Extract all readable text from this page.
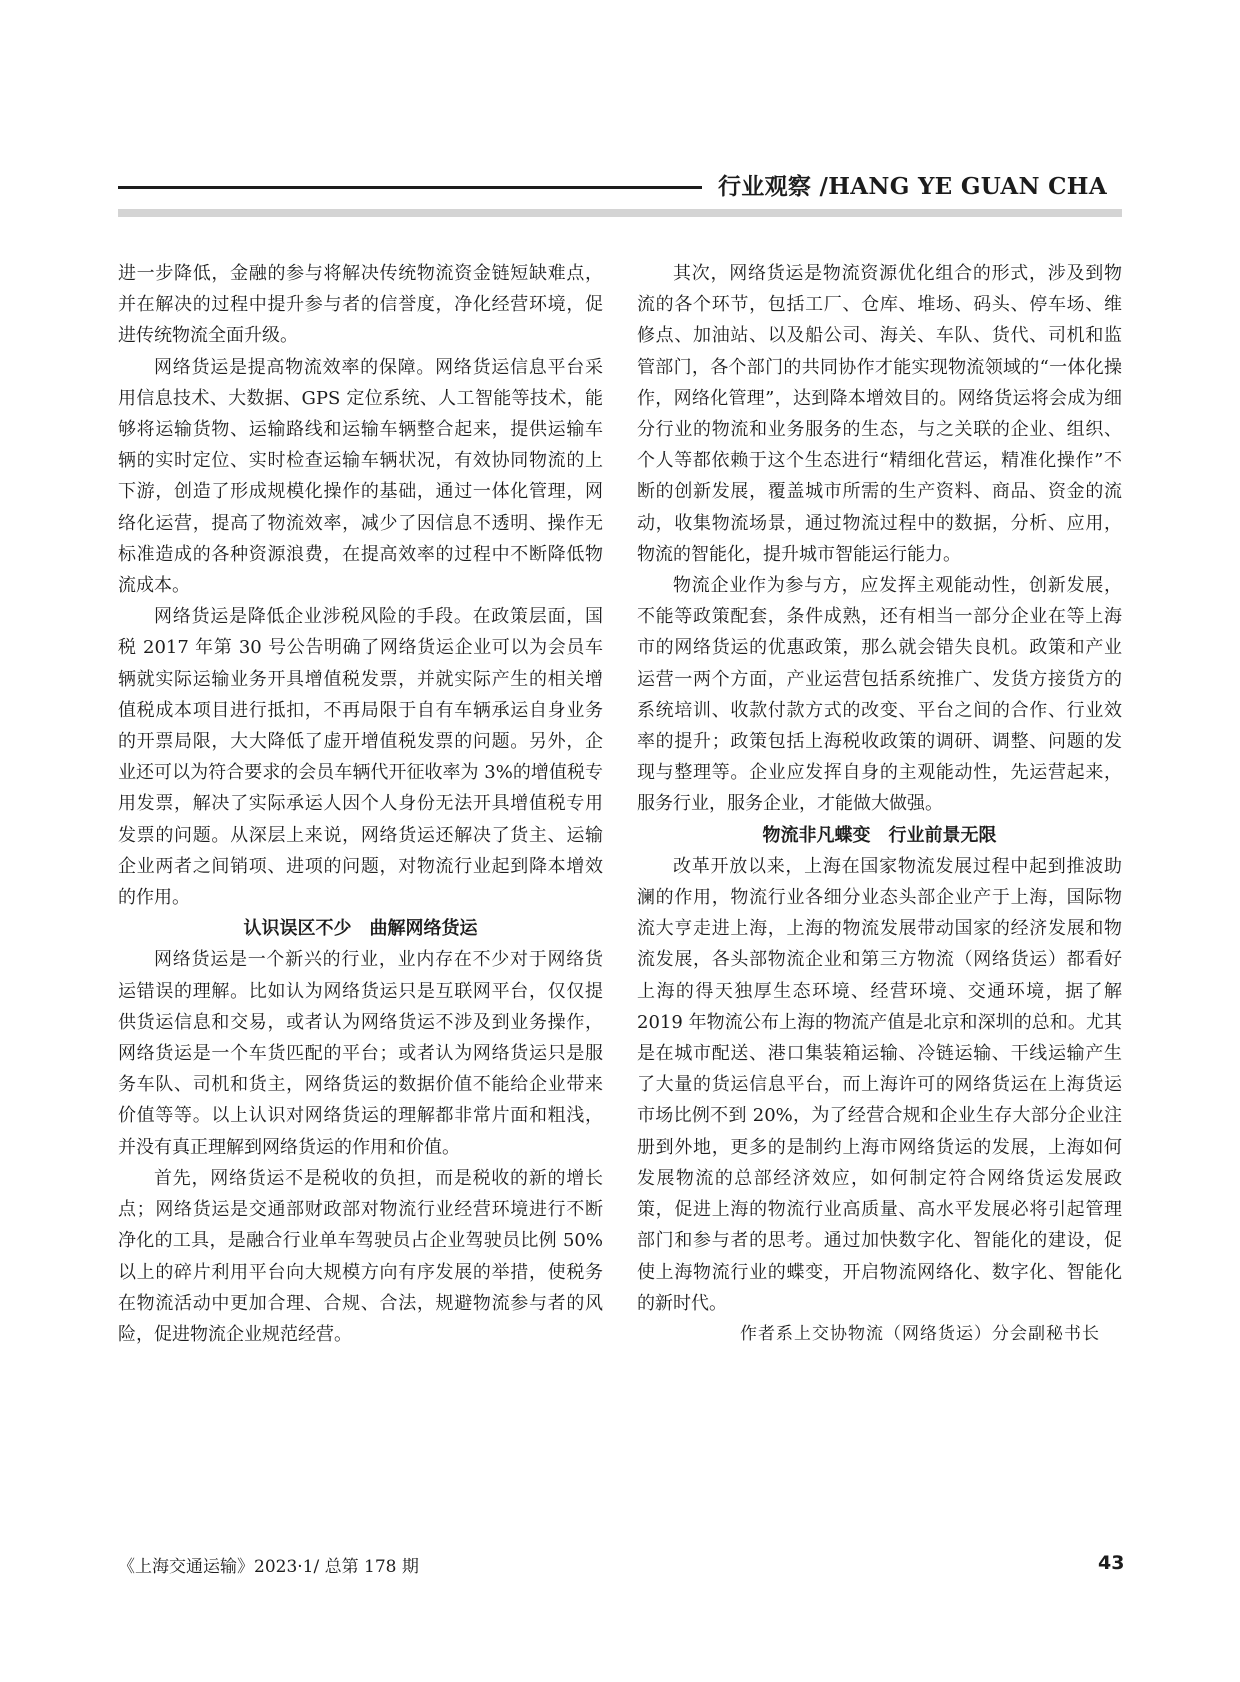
行业观察 /HANG YE GUAN CHA

进一步降低，金融的参与将解决传统物流资金链短缺难点，并在解决的过程中提升参与者的信誉度，净化经营环境，促进传统物流全面升级。

网络货运是提高物流效率的保障。网络货运信息平台采用信息技术、大数据、GPS 定位系统、人工智能等技术，能够将运输货物、运输路线和运输车辆整合起来，提供运输车辆的实时定位、实时检查运输车辆状况，有效协同物流的上下游，创造了形成规模化操作的基础，通过一体化管理，网络化运营，提高了物流效率，减少了因信息不透明、操作无标准造成的各种资源浪费，在提高效率的过程中不断降低物流成本。

网络货运是降低企业涉税风险的手段。在政策层面，国税 2017 年第 30 号公告明确了网络货运企业可以为会员车辆就实际运输业务开具增值税发票，并就实际产生的相关增值税成本项目进行抵扣，不再局限于自有车辆承运自身业务的开票局限，大大降低了虚开增值税发票的问题。另外，企业还可以为符合要求的会员车辆代开征收率为 3%的增值税专用发票，解决了实际承运人因个人身份无法开具增值税专用发票的问题。从深层上来说，网络货运还解决了货主、运输企业两者之间销项、进项的问题，对物流行业起到降本增效的作用。

认识误区不少　曲解网络货运

网络货运是一个新兴的行业，业内存在不少对于网络货运错误的理解。比如认为网络货运只是互联网平台，仅仅提供货运信息和交易，或者认为网络货运不涉及到业务操作，网络货运是一个车货匹配的平台；或者认为网络货运只是服务车队、司机和货主，网络货运的数据价值不能给企业带来价值等等。以上认识对网络货运的理解都非常片面和粗浅，并没有真正理解到网络货运的作用和价值。

首先，网络货运不是税收的负担，而是税收的新的增长点；网络货运是交通部财政部对物流行业经营环境进行不断净化的工具，是融合行业单车驾驶员占企业驾驶员比例 50%以上的碎片利用平台向大规模方向有序发展的举措，使税务在物流活动中更加合理、合规、合法，规避物流参与者的风险，促进物流企业规范经营。

其次，网络货运是物流资源优化组合的形式，涉及到物流的各个环节，包括工厂、仓库、堆场、码头、停车场、维修点、加油站、以及船公司、海关、车队、货代、司机和监管部门，各个部门的共同协作才能实现物流领域的“一体化操作，网络化管理”，达到降本增效目的。网络货运将会成为细分行业的物流和业务服务的生态，与之关联的企业、组织、个人等都依赖于这个生态进行“精细化营运，精准化操作”不断的创新发展，覆盖城市所需的生产资料、商品、资金的流动，收集物流场景，通过物流过程中的数据，分析、应用，物流的智能化，提升城市智能运行能力。

物流企业作为参与方，应发挥主观能动性，创新发展，不能等政策配套，条件成熟，还有相当一部分企业在等上海市的网络货运的优惠政策，那么就会错失良机。政策和产业运营一两个方面，产业运营包括系统推广、发货方接货方的系统培训、收款付款方式的改变、平台之间的合作、行业效率的提升；政策包括上海税收政策的调研、调整、问题的发现与整理等。企业应发挥自身的主观能动性，先运营起来，服务行业，服务企业，才能做大做强。

物流非凡蝶变　行业前景无限

改革开放以来，上海在国家物流发展过程中起到推波助澜的作用，物流行业各细分业态头部企业产于上海，国际物流大亨走进上海，上海的物流发展带动国家的经济发展和物流发展，各头部物流企业和第三方物流（网络货运）都看好上海的得天独厚生态环境、经营环境、交通环境，据了解 2019 年物流公布上海的物流产值是北京和深圳的总和。尤其是在城市配送、港口集装箱运输、冷链运输、干线运输产生了大量的货运信息平台，而上海许可的网络货运在上海货运市场比例不到 20%，为了经营合规和企业生存大部分企业注册到外地，更多的是制约上海市网络货运的发展，上海如何发展物流的总部经济效应，如何制定符合网络货运发展政策，促进上海的物流行业高质量、高水平发展必将引起管理部门和参与者的思考。通过加快数字化、智能化的建设，促使上海物流行业的蝶变，开启物流网络化、数字化、智能化的新时代。

作者系上交协物流（网络货运）分会副秘书长
《上海交通运输》2023·1/ 总第 178 期	43
